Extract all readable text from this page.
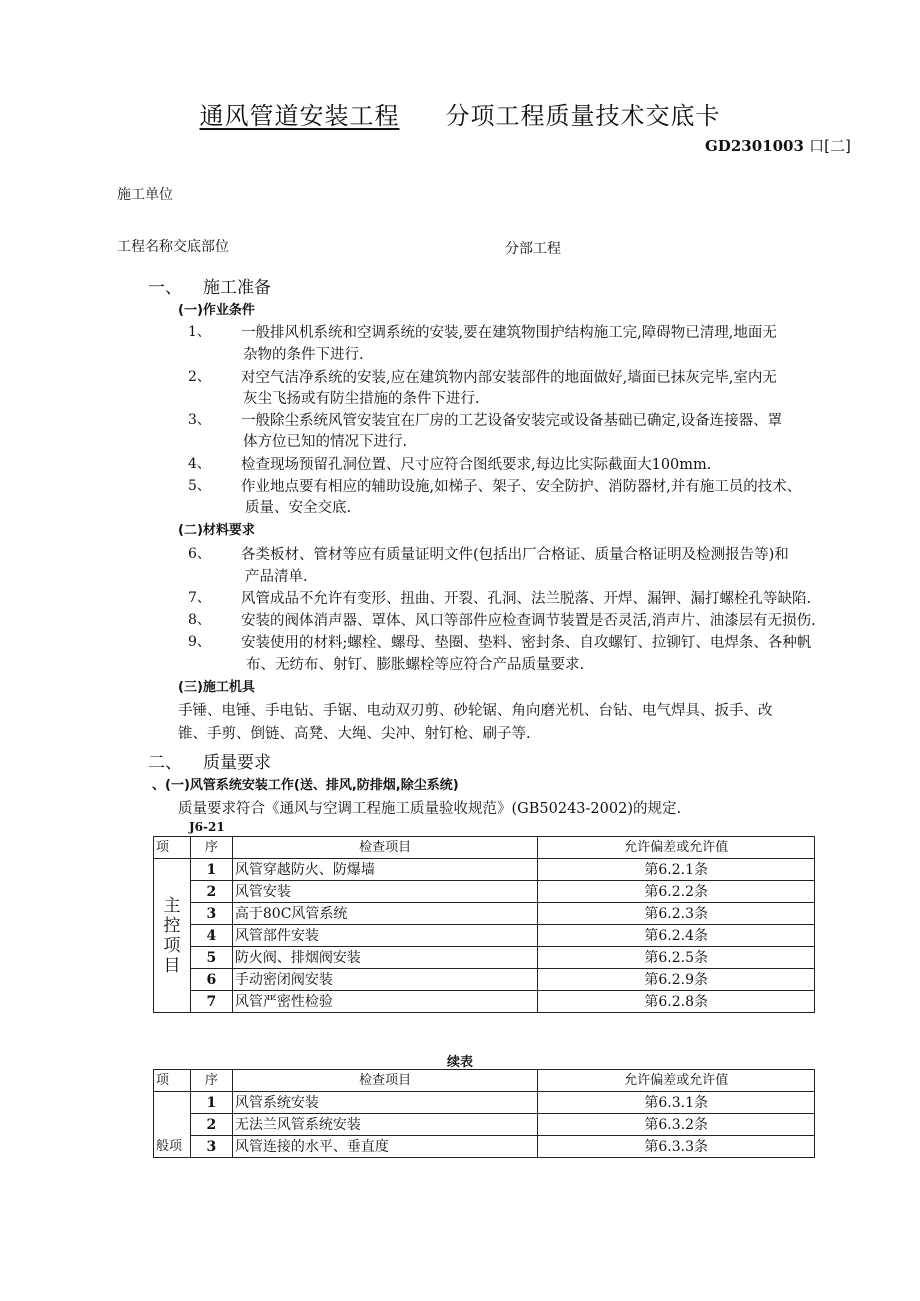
通风管道安装工程 分项工程质量技术交底卡
GD2301003 口[二]
施工单位
工程名称交底部位	分部工程
一、 施工准备
(一)作业条件
1、 一般排风机系统和空调系统的安装,要在建筑物围护结构施工完,障碍物已清理,地面无
杂物的条件下进行.
2、 对空气洁净系统的安装,应在建筑物内部安装部件的地面做好,墙面已抹灰完毕,室内无
灰尘飞扬或有防尘措施的条件下进行.
3、 一般除尘系统风管安装宜在厂房的工艺设备安装完或设备基础已确定,设备连接器、罩
体方位已知的情况下进行.
4、 检查现场预留孔洞位置、尺寸应符合图纸要求,每边比实际截面大100mm.
5、 作业地点要有相应的辅助设施,如梯子、架子、安全防护、消防器材,并有施工员的技术、
质量、安全交底.
(二)材料要求
6、 各类板材、管材等应有质量证明文件(包括出厂合格证、质量合格证明及检测报告等)和
产品清单.
7、 风管成品不允许有变形、扭曲、开裂、孔洞、法兰脱落、开焊、漏钾、漏打螺栓孔等缺陷.
8、 安装的阀体消声器、罩体、风口等部件应检查调节装置是否灵活,消声片、油漆层有无损伤.
9、 安装使用的材料;螺栓、螺母、垫圈、垫料、密封条、自攻螺钉、拉铆钉、电焊条、各种帆
布、无纺布、射钉、膨胀螺栓等应符合产品质量要求.
(三)施工机具
手锤、电锤、手电钻、手锯、电动双刃剪、砂轮锯、角向磨光机、台钻、电气焊具、扳手、改
锥、手剪、倒链、高凳、大绳、尖冲、射钉枪、刷子等.
二、 质量要求
、(一)风管系统安装工作(送、排风,防排烟,除尘系统)
质量要求符合《通风与空调工程施工质量验收规范》(GB50243-2002)的规定.
J6-21
项	序	检查项目	允许偏差或允许值

主
控
项
目	1	风管穿越防火、防爆墙	第6.2.1条
	2	风管安装	第6.2.2条
	3	高于80C风管系统	第6.2.3条
	4	风管部件安装	第6.2.4条
	5	防火阀、排烟阀安装	第6.2.5条
	6	手动密闭阀安装	第6.2.9条
	7	风管严密性检验	第6.2.8条
续表
项	序	检查项目	允许偏差或允许值
般项	1	风管系统安装	第6.3.1条
	2	无法兰风管系统安装	第6.3.2条
	3	风管连接的水平、垂直度	第6.3.3条
